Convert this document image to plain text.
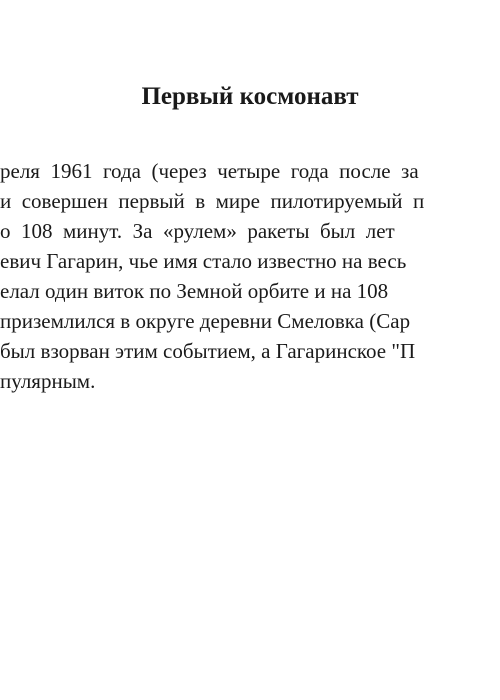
Первый космонавт
реля  1961  года  (через  четыре  года  после  за
и  совершен  первый  в  мире  пилотируемый  п
о  108  минут.  За  «рулем»  ракеты  был  лет
евич Гагарин, чье имя стало известно на весь
елал один виток по Земной орбите и на 108
приземлился в округе деревни Смеловка (Сар
был взорван этим событием, а Гагаринское "П
пулярным.
